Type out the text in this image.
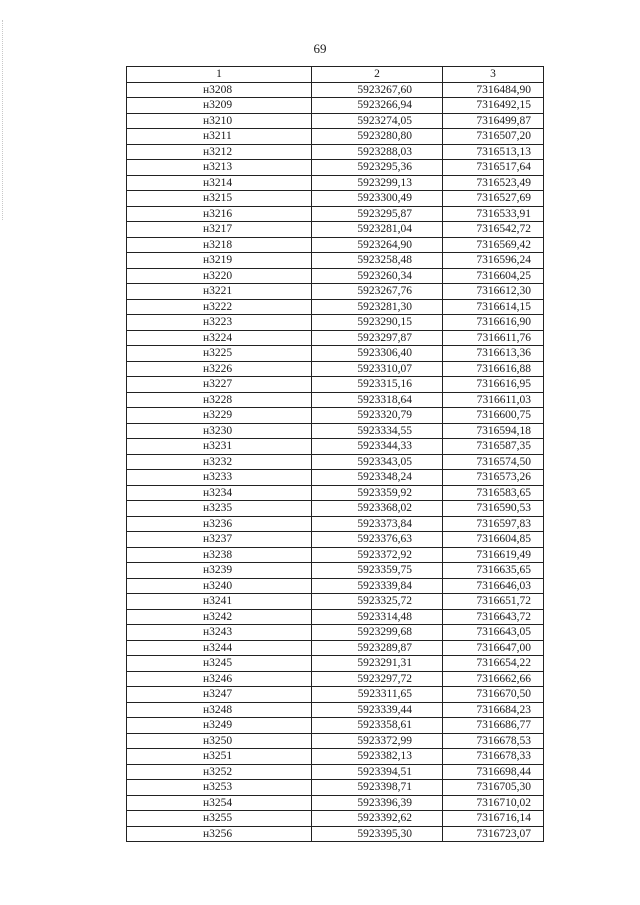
69
1	2	3
н3208	5923267,60	7316484,90
н3209	5923266,94	7316492,15
н3210	5923274,05	7316499,87
н3211	5923280,80	7316507,20
н3212	5923288,03	7316513,13
н3213	5923295,36	7316517,64
н3214	5923299,13	7316523,49
н3215	5923300,49	7316527,69
н3216	5923295,87	7316533,91
н3217	5923281,04	7316542,72
н3218	5923264,90	7316569,42
н3219	5923258,48	7316596,24
н3220	5923260,34	7316604,25
н3221	5923267,76	7316612,30
н3222	5923281,30	7316614,15
н3223	5923290,15	7316616,90
н3224	5923297,87	7316611,76
н3225	5923306,40	7316613,36
н3226	5923310,07	7316616,88
н3227	5923315,16	7316616,95
н3228	5923318,64	7316611,03
н3229	5923320,79	7316600,75
н3230	5923334,55	7316594,18
н3231	5923344,33	7316587,35
н3232	5923343,05	7316574,50
н3233	5923348,24	7316573,26
н3234	5923359,92	7316583,65
н3235	5923368,02	7316590,53
н3236	5923373,84	7316597,83
н3237	5923376,63	7316604,85
н3238	5923372,92	7316619,49
н3239	5923359,75	7316635,65
н3240	5923339,84	7316646,03
н3241	5923325,72	7316651,72
н3242	5923314,48	7316643,72
н3243	5923299,68	7316643,05
н3244	5923289,87	7316647,00
н3245	5923291,31	7316654,22
н3246	5923297,72	7316662,66
н3247	5923311,65	7316670,50
н3248	5923339,44	7316684,23
н3249	5923358,61	7316686,77
н3250	5923372,99	7316678,53
н3251	5923382,13	7316678,33
н3252	5923394,51	7316698,44
н3253	5923398,71	7316705,30
н3254	5923396,39	7316710,02
н3255	5923392,62	7316716,14
н3256	5923395,30	7316723,07
